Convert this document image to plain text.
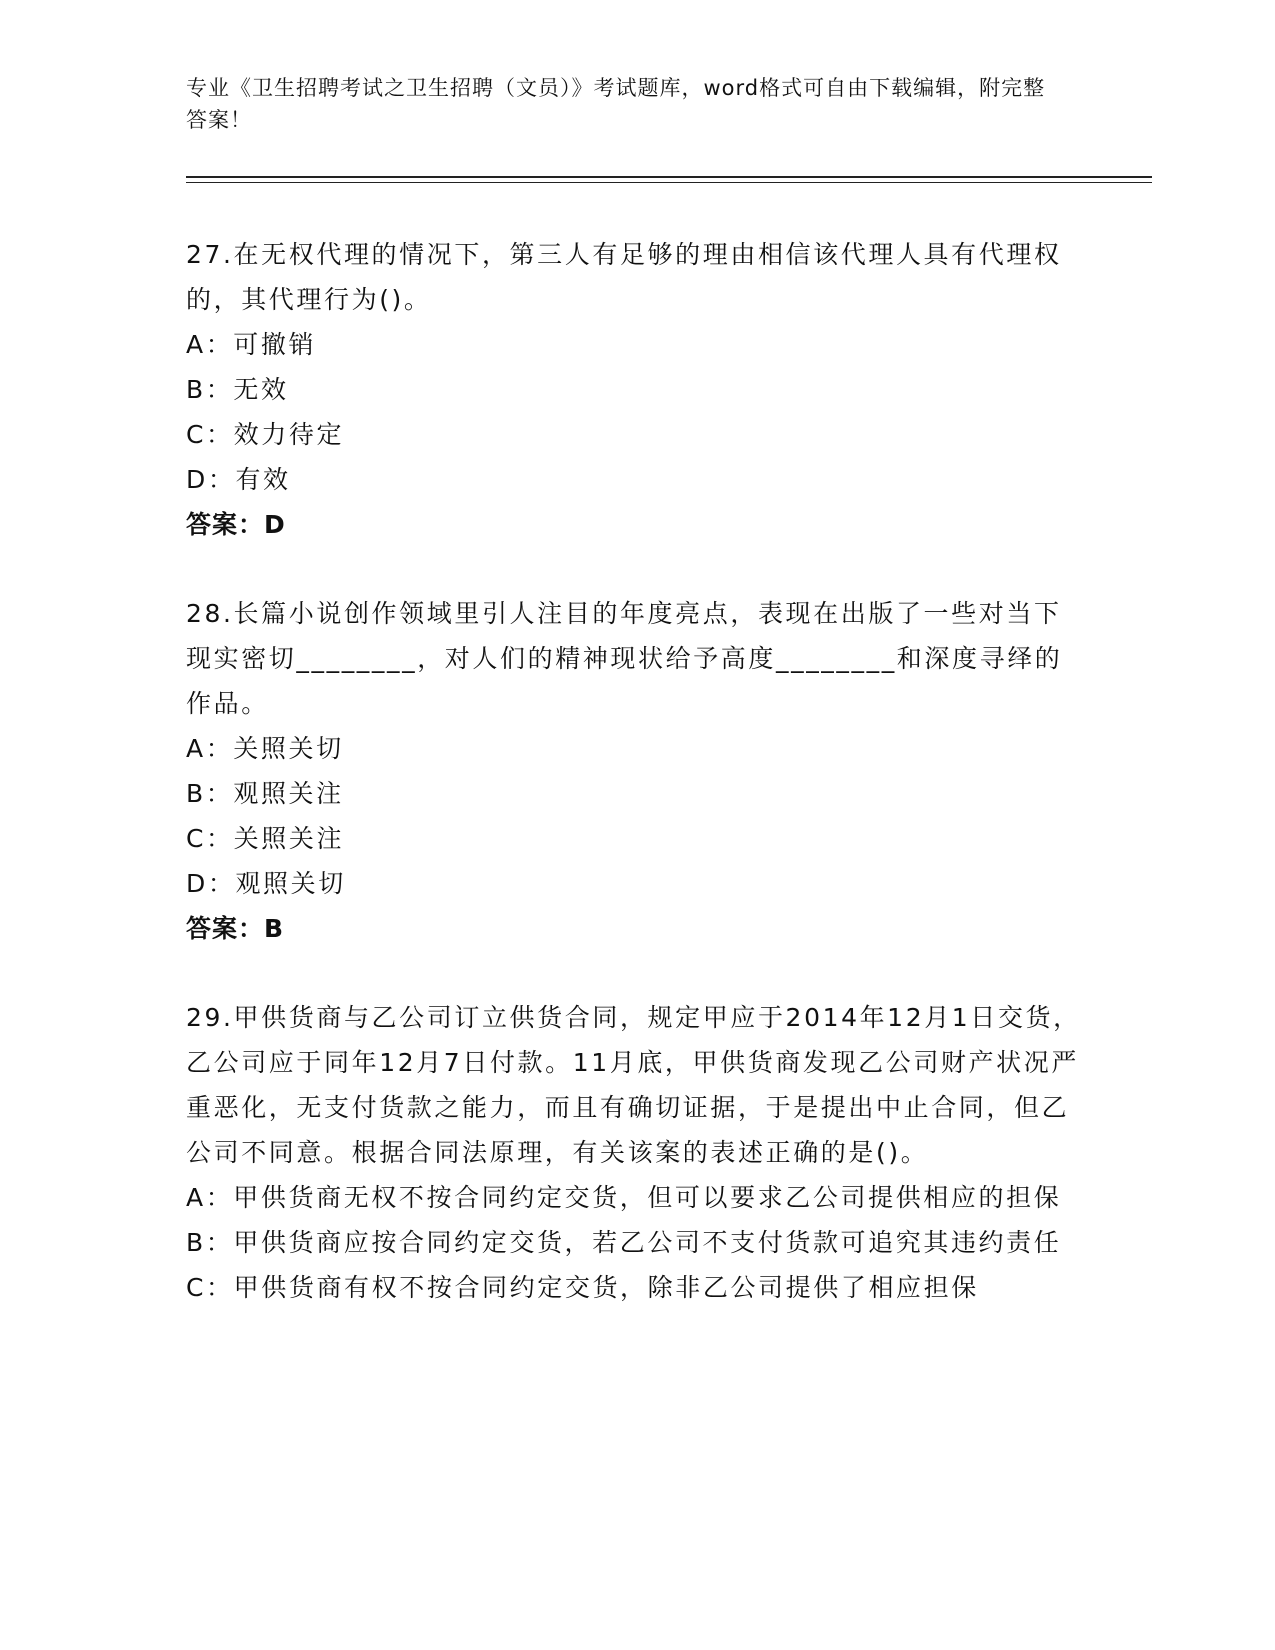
专业《卫生招聘考试之卫生招聘（文员）》考试题库，word格式可自由下载编辑，附完整答案！

27.在无权代理的情况下，第三人有足够的理由相信该代理人具有代理权的，其代理行为()。

A：可撤销

B：无效

C：效力待定

D：有效

答案：D

28.长篇小说创作领域里引人注目的年度亮点，表现在出版了一些对当下现实密切________，对人们的精神现状给予高度________和深度寻绎的作品。

A：关照关切

B：观照关注

C：关照关注

D：观照关切

答案：B

29.甲供货商与乙公司订立供货合同，规定甲应于2014年12月1日交货，乙公司应于同年12月7日付款。11月底，甲供货商发现乙公司财产状况严重恶化，无支付货款之能力，而且有确切证据，于是提出中止合同，但乙公司不同意。根据合同法原理，有关该案的表述正确的是()。

A：甲供货商无权不按合同约定交货，但可以要求乙公司提供相应的担保

B：甲供货商应按合同约定交货，若乙公司不支付货款可追究其违约责任

C：甲供货商有权不按合同约定交货，除非乙公司提供了相应担保
